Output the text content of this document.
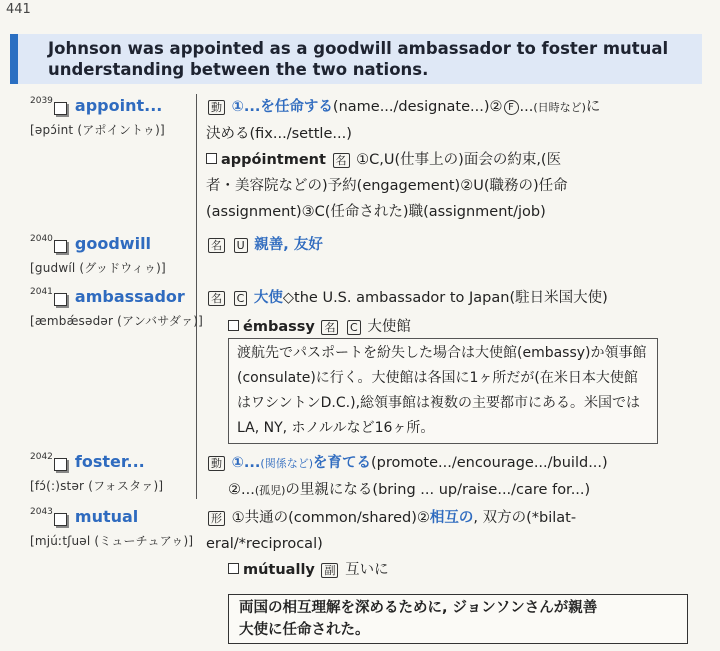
441
Johnson was appointed as a goodwill ambassador to foster mutual
understanding between the two nations.
2039 appoint...
[əpɔ́int (アポイントゥ)]
動 ①...を任命する(name.../designate...)② F ...(日時など)に
決める(fix.../settle...)
appóintment 名 ①C,U(仕事上の)面会の約束,(医
者・美容院などの)予約(engagement)②U(職務の)任命
(assignment)③C(任命された)職(assignment/job)
2040 goodwill
[gudwíl (グッドウィゥ)]
名 U 親善, 友好
2041 ambassador
[æmbǽsədər (アンバサダァ)]
名 C 大使◇the U.S. ambassador to Japan(駐日米国大使)
émbassy 名 C 大使館
渡航先でパスポートを紛失した場合は大使館(embassy)か領事館(consulate)に行く。大使館は各国に1ヶ所だが(在米日本大使館はワシントンD.C.),総領事館は複数の主要都市にある。米国ではLA, NY, ホノルルなど16ヶ所。
2042 foster...
[fɔ́(:)stər (フォスタァ)]
動 ①...(関係など)を育てる(promote.../encourage.../build...)
②...(孤児)の里親になる(bring ... up/raise.../care for...)
2043 mutual
[mjúːtʃuəl (ミューチュアゥ)]
形 ①共通の(common/shared)②相互の, 双方の(*bilat-
eral/*reciprocal)
mútually 副 互いに
両国の相互理解を深めるために, ジョンソンさんが親善
大使に任命された。
